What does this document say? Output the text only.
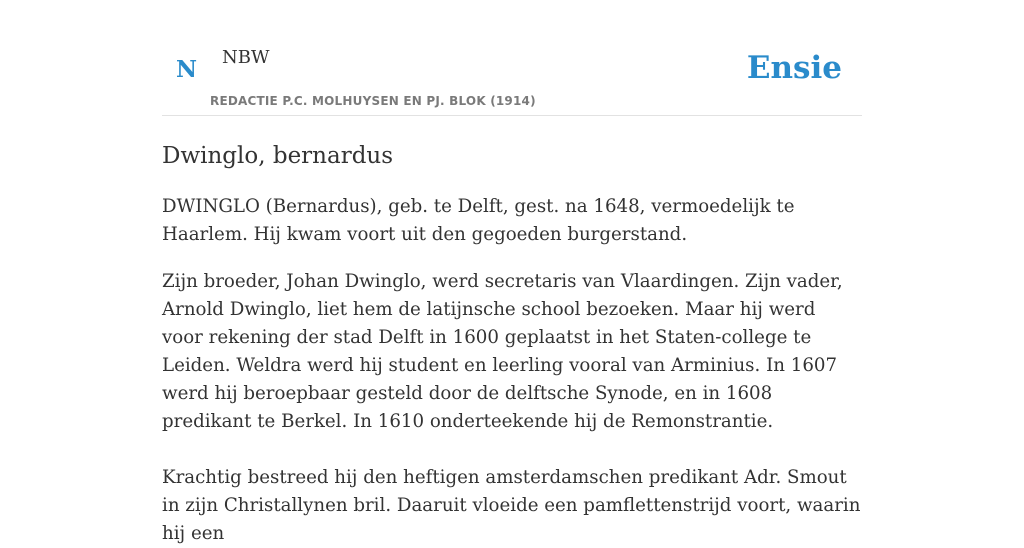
N NBW
REDACTIE P.C. MOLHUYSEN EN PJ. BLOK (1914)
Ensie
Dwinglo, bernardus

DWINGLO (Bernardus), geb. te Delft, gest. na 1648, vermoedelijk te Haarlem. Hij kwam voort uit den gegoeden burgerstand.

Zijn broeder, Johan Dwinglo, werd secretaris van Vlaardingen. Zijn vader, Arnold Dwinglo, liet hem de latijnsche school bezoeken. Maar hij werd voor rekening der stad Delft in 1600 geplaatst in het Staten-college te Leiden. Weldra werd hij student en leerling vooral van Arminius. In 1607 werd hij beroepbaar gesteld door de delftsche Synode, en in 1608 predikant te Berkel. In 1610 onderteekende hij de Remonstrantie.

Krachtig bestreed hij den heftigen amsterdamschen predikant Adr. Smout in zijn Christallynen bril. Daaruit vloeide een pamflettenstrijd voort, waarin hij een
